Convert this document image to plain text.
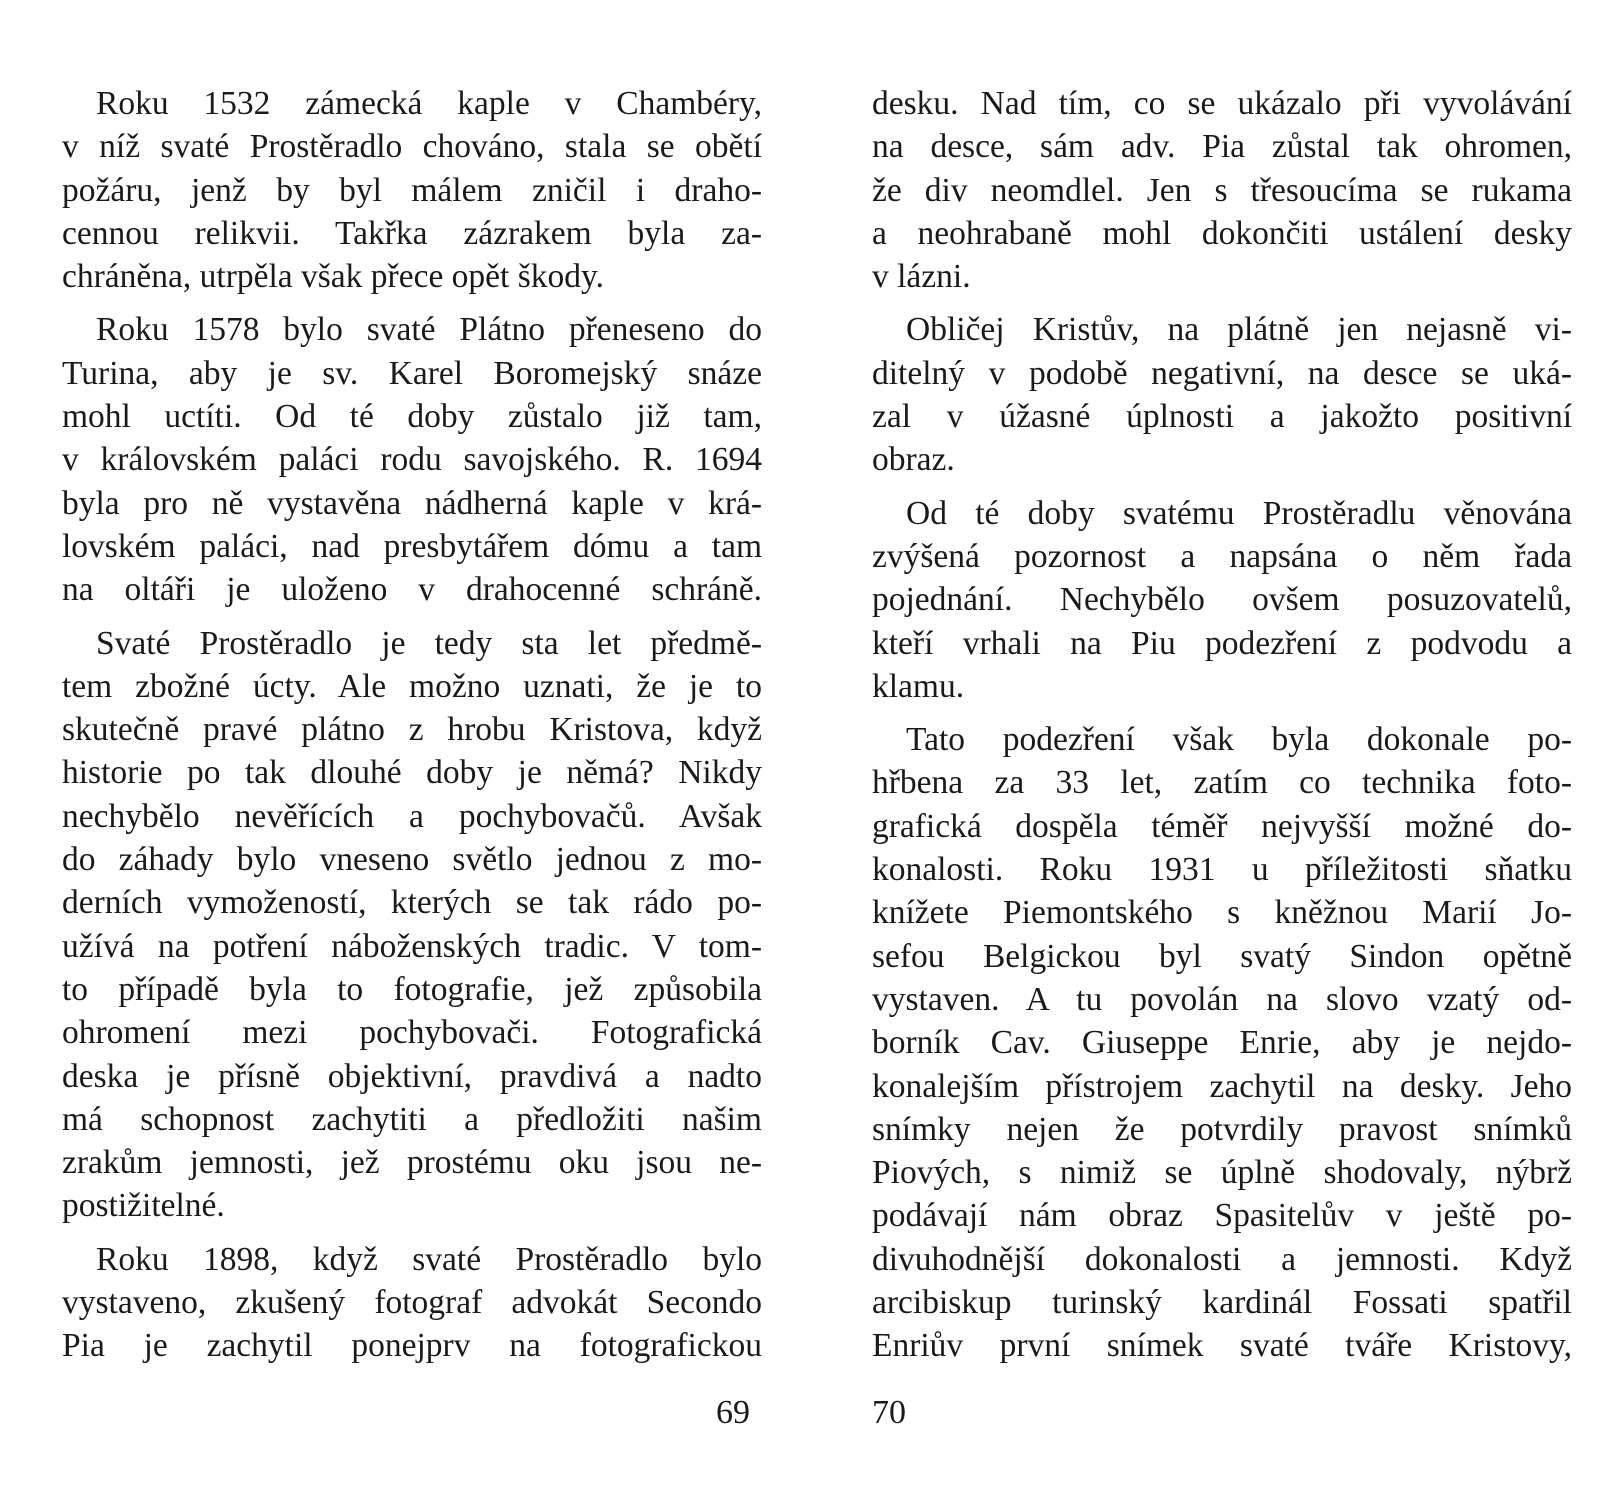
Roku 1532 zámecká kaple v Chambéry,
v níž svaté Prostěradlo chováno, stala se obětí
požáru, jenž by byl málem zničil i draho-
cennou relikvii. Takřka zázrakem byla za-
chráněna, utrpěla však přece opět škody.
Roku 1578 bylo svaté Plátno přeneseno do
Turina, aby je sv. Karel Boromejský snáze
mohl uctíti. Od té doby zůstalo již tam,
v královském paláci rodu savojského. R. 1694
byla pro ně vystavěna nádherná kaple v krá-
lovském paláci, nad presbytářem dómu a tam
na oltáři je uloženo v drahocenné schráně.
Svaté Prostěradlo je tedy sta let předmě-
tem zbožné úcty. Ale možno uznati, že je to
skutečně pravé plátno z hrobu Kristova, když
historie po tak dlouhé doby je němá? Nikdy
nechybělo nevěřících a pochybovačů. Avšak
do záhady bylo vneseno světlo jednou z mo-
derních vymožeností, kterých se tak rádo po-
užívá na potření náboženských tradic. V tom-
to případě byla to fotografie, jež způsobila
ohromení mezi pochybovači. Fotografická
deska je přísně objektivní, pravdivá a nadto
má schopnost zachytiti a předložiti našim
zrakům jemnosti, jež prostému oku jsou ne-
postižitelné.
Roku 1898, když svaté Prostěradlo bylo
vystaveno, zkušený fotograf advokát Secondo
Pia je zachytil ponejprv na fotografickou
desku. Nad tím, co se ukázalo při vyvolávání
na desce, sám adv. Pia zůstal tak ohromen,
že div neomdlel. Jen s třesoucíma se rukama
a neohrabaně mohl dokončiti ustálení desky
v lázni.
Obličej Kristův, na plátně jen nejasně vi-
ditelný v podobě negativní, na desce se uká-
zal v úžasné úplnosti a jakožto positivní
obraz.
Od té doby svatému Prostěradlu věnována
zvýšená pozornost a napsána o něm řada
pojednání. Nechybělo ovšem posuzovatelů,
kteří vrhali na Piu podezření z podvodu a
klamu.
Tato podezření však byla dokonale po-
hřbena za 33 let, zatím co technika foto-
grafická dospěla téměř nejvyšší možné do-
konalosti. Roku 1931 u příležitosti sňatku
knížete Piemontského s kněžnou Marií Jo-
sefou Belgickou byl svatý Sindon opětně
vystaven. A tu povolán na slovo vzatý od-
borník Cav. Giuseppe Enrie, aby je nejdo-
konalejším přístrojem zachytil na desky. Jeho
snímky nejen že potvrdily pravost snímků
Piových, s nimiž se úplně shodovaly, nýbrž
podávají nám obraz Spasitelův v ještě po-
divuhodnější dokonalosti a jemnosti. Když
arcibiskup turinský kardinál Fossati spatřil
Enriův první snímek svaté tváře Kristovy,
69	70
